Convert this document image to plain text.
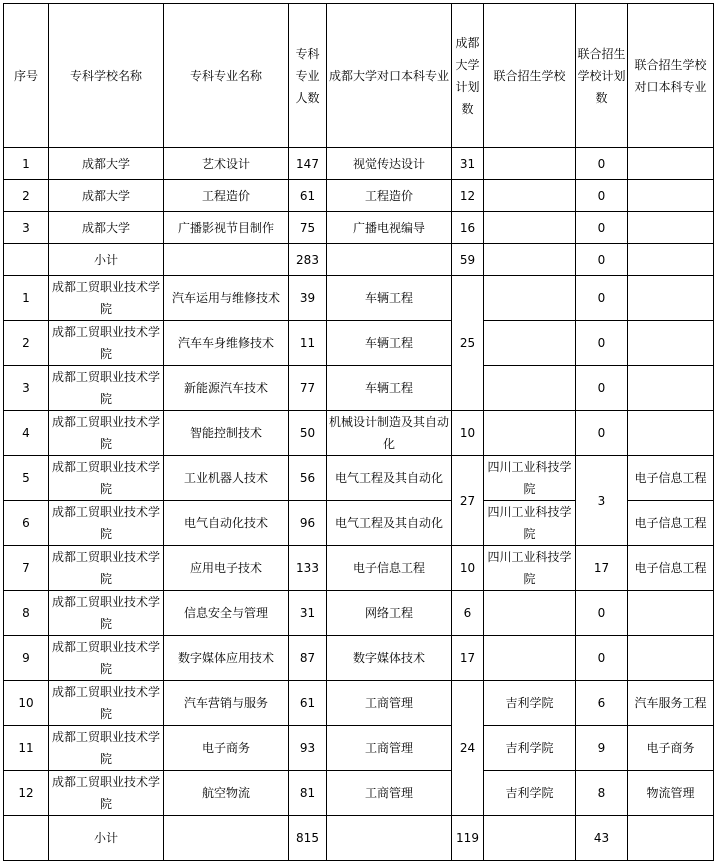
序号	专科学校名称	专科专业名称	专科专业人数	成都大学对口本科专业	成都大学计划数	联合招生学校	联合招生学校计划数	联合招生学校对口本科专业
1	成都大学	艺术设计	147	视觉传达设计	31		0	
2	成都大学	工程造价	61	工程造价	12		0	
3	成都大学	广播影视节目制作	75	广播电视编导	16		0	
	小计		283		59		0	
1	成都工贸职业技术学院	汽车运用与维修技术	39	车辆工程	25		0	
2	成都工贸职业技术学院	汽车车身维修技术	11	车辆工程			0	
3	成都工贸职业技术学院	新能源汽车技术	77	车辆工程			0	
4	成都工贸职业技术学院	智能控制技术	50	机械设计制造及其自动化	10		0	
5	成都工贸职业技术学院	工业机器人技术	56	电气工程及其自动化	27	四川工业科技学院	3	电子信息工程
6	成都工贸职业技术学院	电气自动化技术	96	电气工程及其自动化		四川工业科技学院		电子信息工程
7	成都工贸职业技术学院	应用电子技术	133	电子信息工程	10	四川工业科技学院	17	电子信息工程
8	成都工贸职业技术学院	信息安全与管理	31	网络工程	6		0	
9	成都工贸职业技术学院	数字媒体应用技术	87	数字媒体技术	17		0	
10	成都工贸职业技术学院	汽车营销与服务	61	工商管理	24	吉利学院	6	汽车服务工程
11	成都工贸职业技术学院	电子商务	93	工商管理		吉利学院	9	电子商务
12	成都工贸职业技术学院	航空物流	81	工商管理		吉利学院	8	物流管理
	小计		815		119		43	
